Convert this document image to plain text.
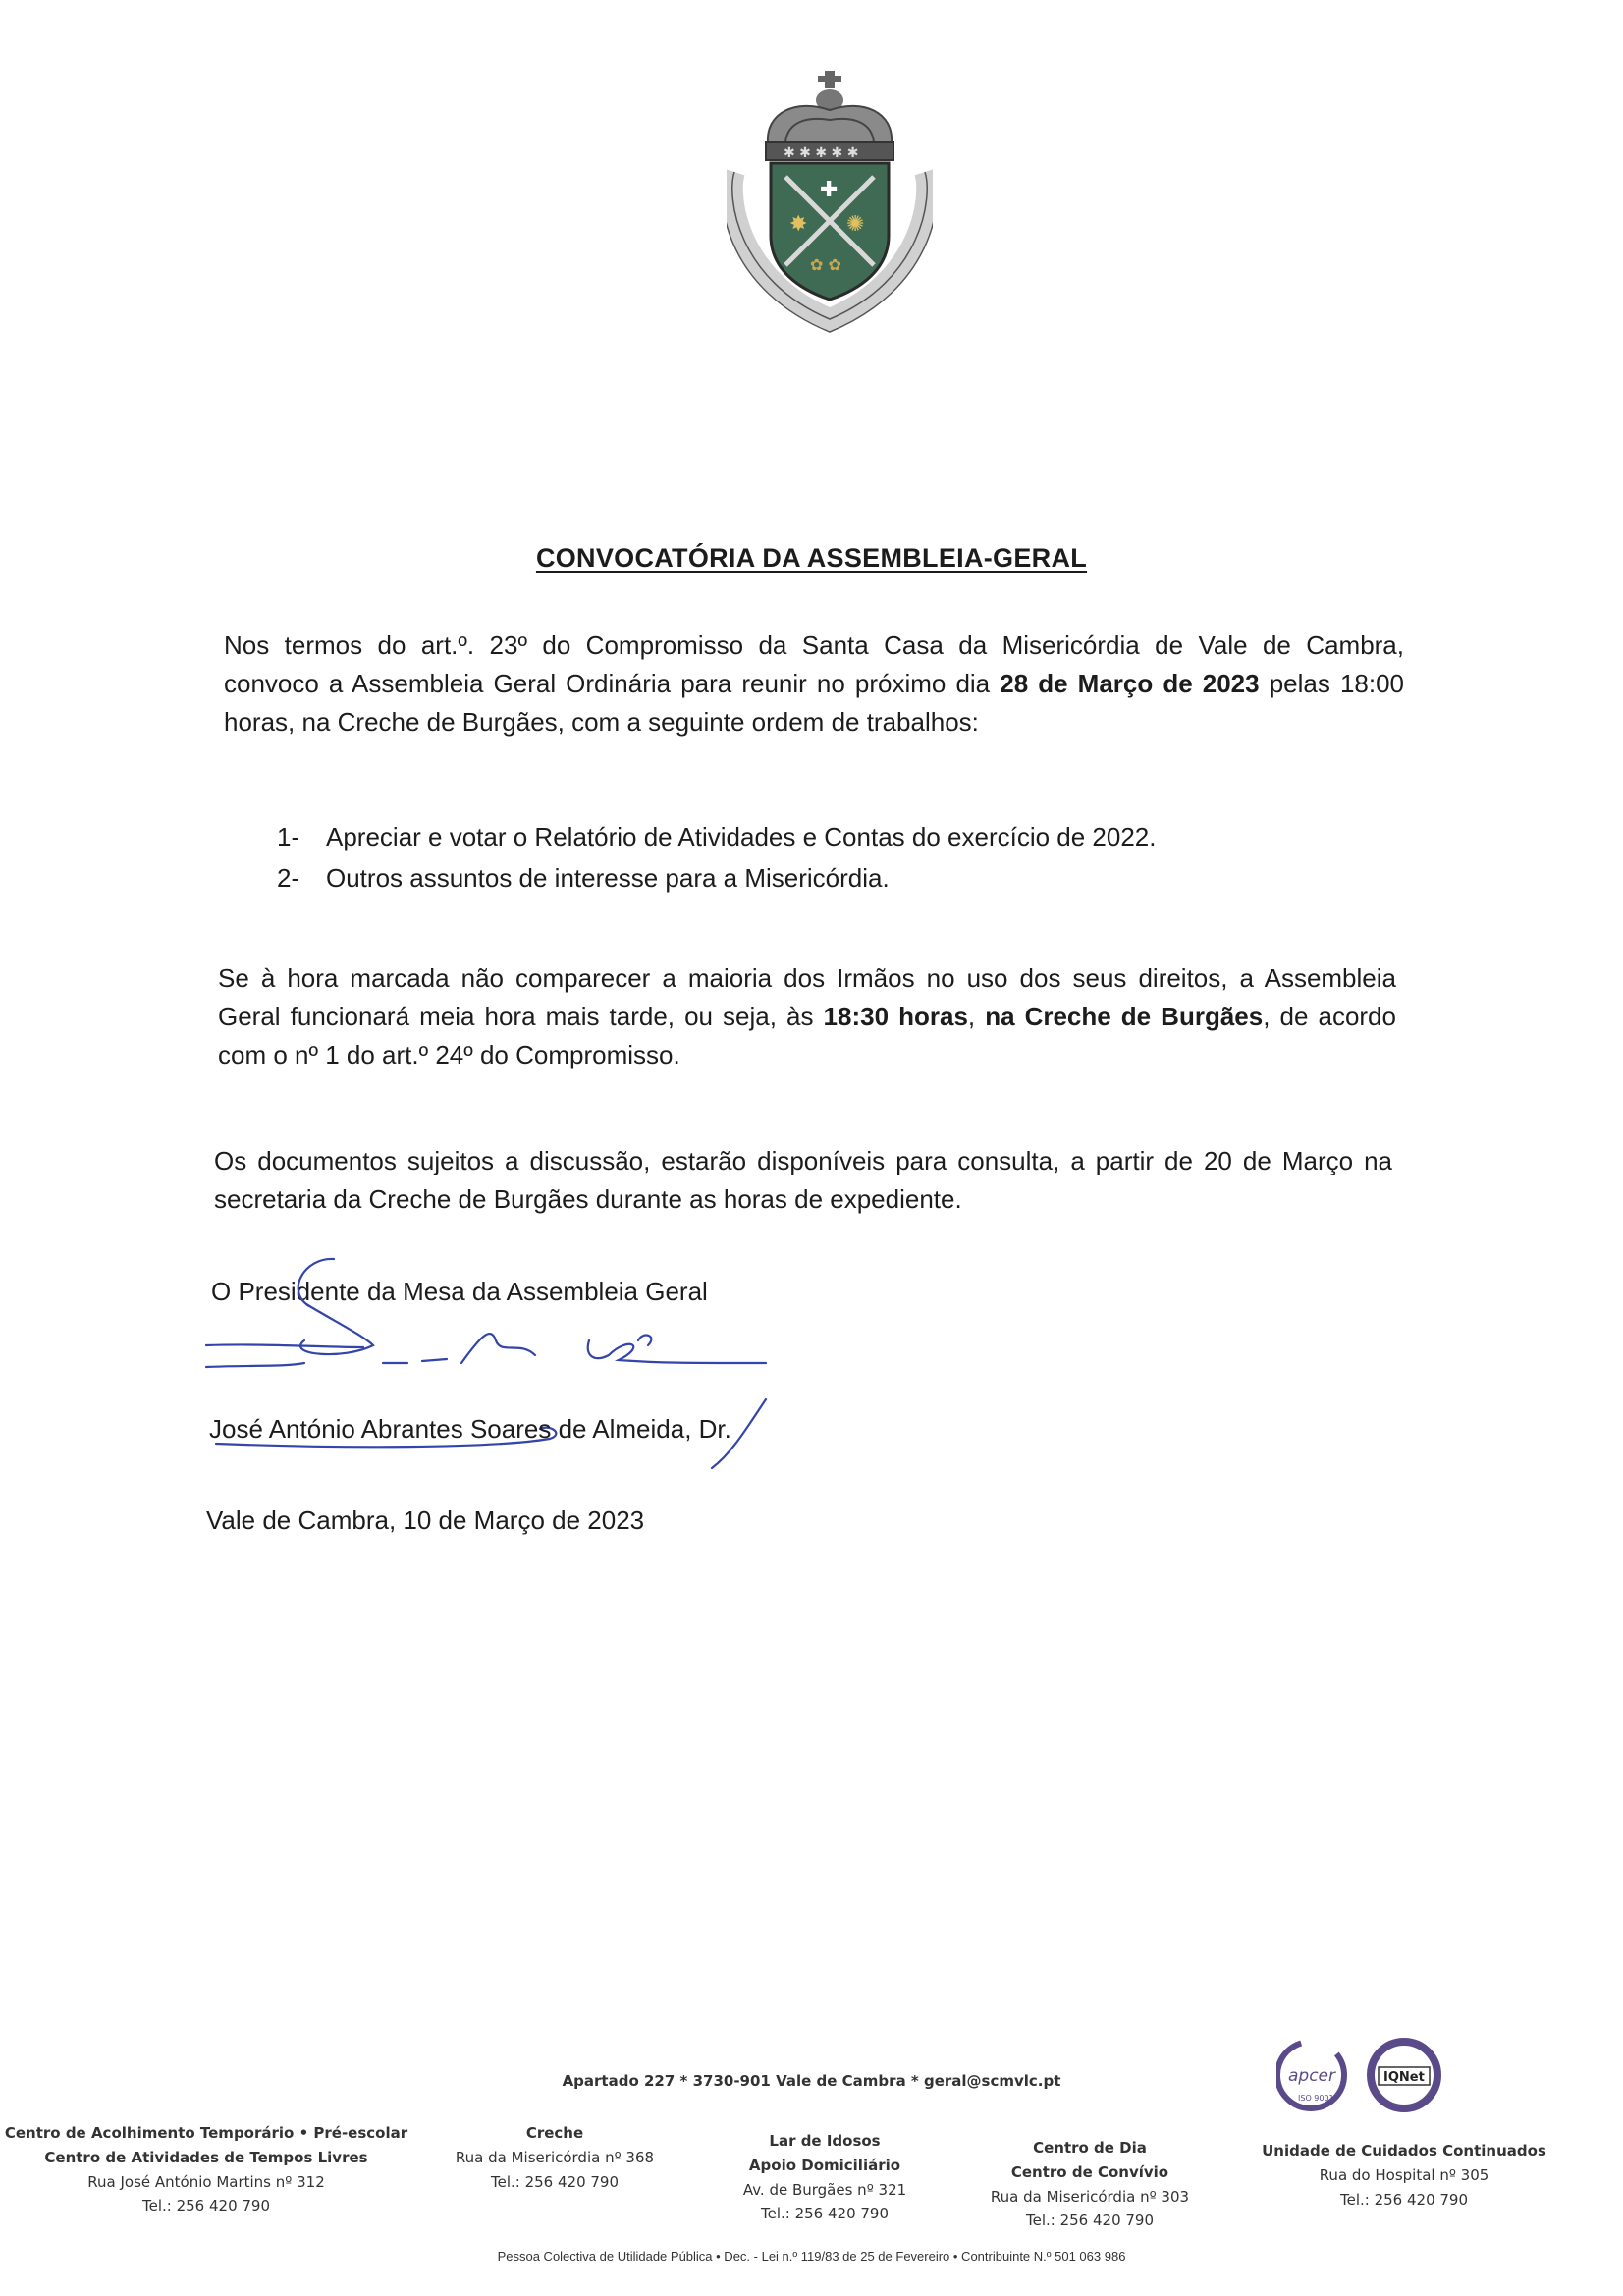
✱ ✱ ✱ ✱ ✱
✚
✸ ✺
✿ ✿
CONVOCATÓRIA DA ASSEMBLEIA-GERAL
Nos termos do art.º. 23º do Compromisso da Santa Casa da Misericórdia de Vale de Cambra,
convoco a Assembleia Geral Ordinária para reunir no próximo dia 28 de Março de 2023 pelas 18:00
horas, na Creche de Burgães, com a seguinte ordem de trabalhos:
1-	Apreciar e votar o Relatório de Atividades e Contas do exercício de 2022.
2-	Outros assuntos de interesse para a Misericórdia.
Se à hora marcada não comparecer a maioria dos Irmãos no uso dos seus direitos, a Assembleia
Geral funcionará meia hora mais tarde, ou seja, às 18:30 horas, na Creche de Burgães, de acordo
com o nº 1 do art.º 24º do Compromisso.
Os documentos sujeitos a discussão, estarão disponíveis para consulta, a partir de 20 de Março na
secretaria da Creche de Burgães durante as horas de expediente.
O Presidente da Mesa da Assembleia Geral
José António Abrantes Soares de Almeida, Dr.
Vale de Cambra, 10 de Março de 2023
Apartado 227 * 3730-901 Vale de Cambra * geral@scmvlc.pt	apcer
ISO 9001
IQNet
Centro de Acolhimento Temporário • Pré-escolar
Centro de Atividades de Tempos Livres
Rua José António Martins nº 312
Tel.: 256 420 790
Creche
Rua da Misericórdia nº 368
Tel.: 256 420 790
Lar de Idosos
Apoio Domiciliário
Av. de Burgães nº 321
Tel.: 256 420 790
Centro de Dia
Centro de Convívio
Rua da Misericórdia nº 303
Tel.: 256 420 790
Unidade de Cuidados Continuados
Rua do Hospital nº 305
Tel.: 256 420 790
Pessoa Colectiva de Utilidade Pública • Dec. - Lei n.º 119/83 de 25 de Fevereiro • Contribuinte N.º 501 063 986
